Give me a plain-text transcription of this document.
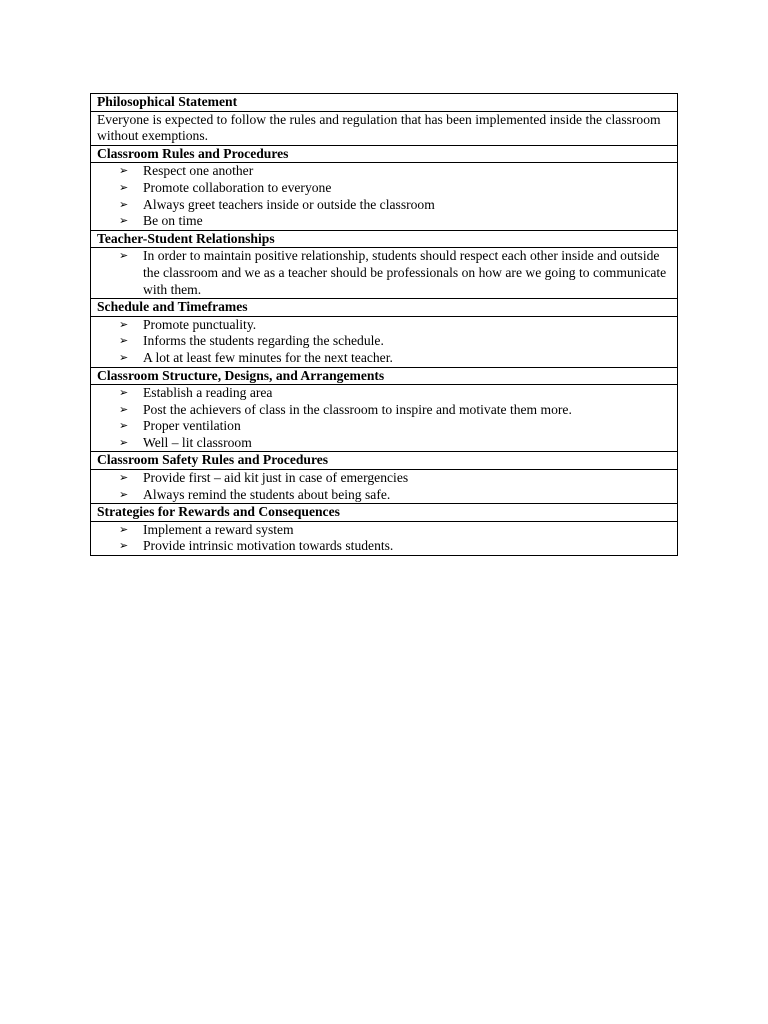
Philosophical Statement
Everyone is expected to follow the rules and regulation that has been implemented inside the classroom without exemptions.
Classroom Rules and Procedures

➢ Respect one another
➢ Promote collaboration to everyone
➢ Always greet teachers inside or outside the classroom
➢ Be on time

Teacher-Student Relationships

➢ In order to maintain positive relationship, students should respect each other inside and outside the classroom and we as a teacher should be professionals on how are we going to communicate with them.

Schedule and Timeframes

➢ Promote punctuality.
➢ Informs the students regarding the schedule.
➢ A lot at least few minutes for the next teacher.

Classroom Structure, Designs, and Arrangements

➢ Establish a reading area
➢ Post the achievers of class in the classroom to inspire and motivate them more.
➢ Proper ventilation
➢ Well – lit classroom

Classroom Safety Rules and Procedures

➢ Provide first – aid kit just in case of emergencies
➢ Always remind the students about being safe.

Strategies for Rewards and Consequences

➢ Implement a reward system
➢ Provide intrinsic motivation towards students.
